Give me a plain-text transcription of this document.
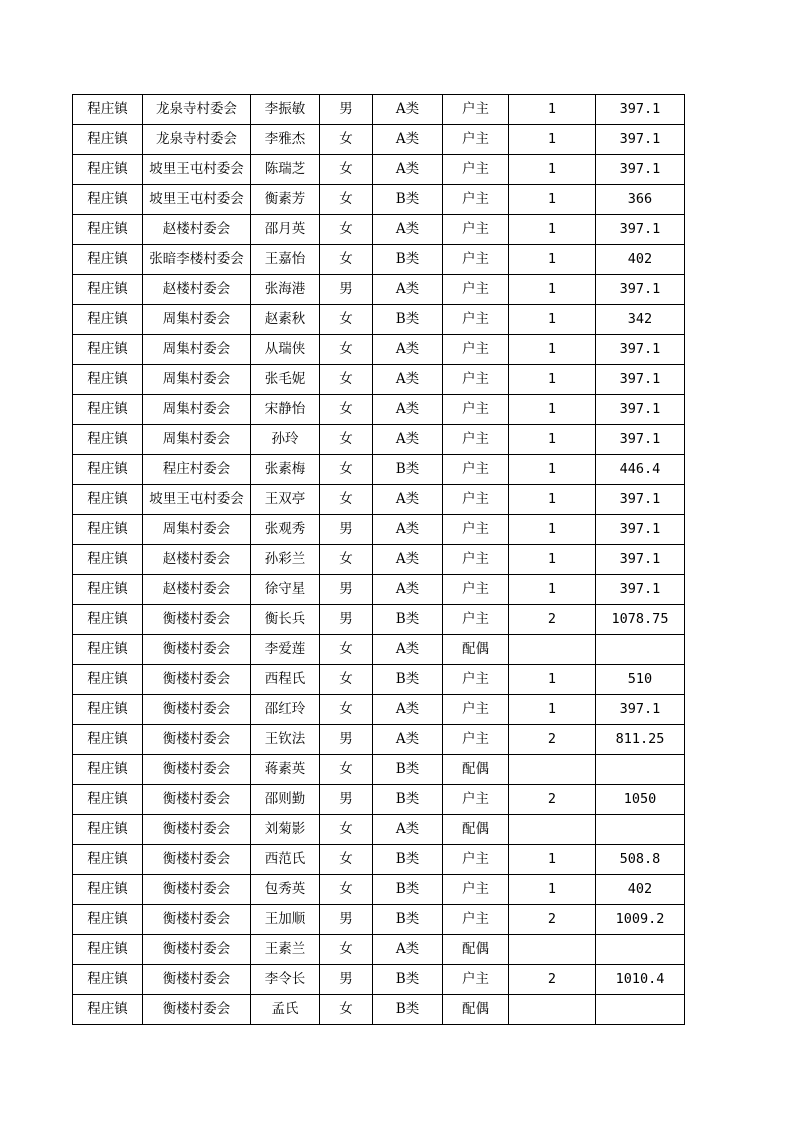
程庄镇	龙泉寺村委会	李振敏	男	A类	户主	1	397.1
程庄镇	龙泉寺村委会	李雅杰	女	A类	户主	1	397.1
程庄镇	坡里王屯村委会	陈瑞芝	女	A类	户主	1	397.1
程庄镇	坡里王屯村委会	衡素芳	女	B类	户主	1	366
程庄镇	赵楼村委会	邵月英	女	A类	户主	1	397.1
程庄镇	张暗李楼村委会	王嘉怡	女	B类	户主	1	402
程庄镇	赵楼村委会	张海港	男	A类	户主	1	397.1
程庄镇	周集村委会	赵素秋	女	B类	户主	1	342
程庄镇	周集村委会	从瑞侠	女	A类	户主	1	397.1
程庄镇	周集村委会	张毛妮	女	A类	户主	1	397.1
程庄镇	周集村委会	宋静怡	女	A类	户主	1	397.1
程庄镇	周集村委会	孙玲	女	A类	户主	1	397.1
程庄镇	程庄村委会	张素梅	女	B类	户主	1	446.4
程庄镇	坡里王屯村委会	王双亭	女	A类	户主	1	397.1
程庄镇	周集村委会	张观秀	男	A类	户主	1	397.1
程庄镇	赵楼村委会	孙彩兰	女	A类	户主	1	397.1
程庄镇	赵楼村委会	徐守星	男	A类	户主	1	397.1
程庄镇	衡楼村委会	衡长兵	男	B类	户主	2	1078.75
程庄镇	衡楼村委会	李爱莲	女	A类	配偶		
程庄镇	衡楼村委会	西程氏	女	B类	户主	1	510
程庄镇	衡楼村委会	邵红玲	女	A类	户主	1	397.1
程庄镇	衡楼村委会	王钦法	男	A类	户主	2	811.25
程庄镇	衡楼村委会	蒋素英	女	B类	配偶		
程庄镇	衡楼村委会	邵则勤	男	B类	户主	2	1050
程庄镇	衡楼村委会	刘菊影	女	A类	配偶		
程庄镇	衡楼村委会	西范氏	女	B类	户主	1	508.8
程庄镇	衡楼村委会	包秀英	女	B类	户主	1	402
程庄镇	衡楼村委会	王加顺	男	B类	户主	2	1009.2
程庄镇	衡楼村委会	王素兰	女	A类	配偶		
程庄镇	衡楼村委会	李令长	男	B类	户主	2	1010.4
程庄镇	衡楼村委会	孟氏	女	B类	配偶		
